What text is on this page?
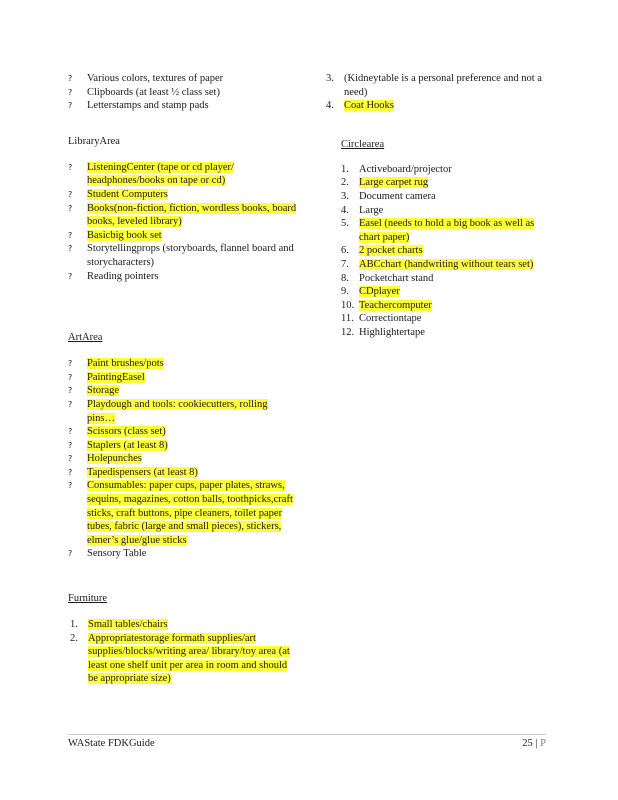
?	Various colors, textures of paper
?	Clipboards (at least ½ class set)
?	Letterstamps and stamp pads
LibraryArea
?	ListeningCenter (tape or cd player/ headphones/books on tape or cd)
?	Student Computers
?	Books(non-fiction, fiction, wordless books, board books, leveled library)
?	Basicbig book set
?	Storytellingprops (storyboards, flannel board and storycharacters)
?	Reading pointers
ArtArea
?	Paint brushes/pots
?	PaintingEasel
?	Storage
?	Playdough and tools: cookiecutters, rolling pins…
?	Scissors (class set)
?	Staplers (at least 8)
?	Holepunches
?	Tapedispensers (at least 8)
?	Consumables: paper cups, paper plates, straws, sequins, magazines, cotton balls, toothpicks,craft sticks, craft buttons, pipe cleaners, toilet paper tubes, fabric (large and small pieces), stickers, elmer’s glue/glue sticks
?	Sensory Table
Furniture
1. Small tables/chairs
2. Appropriatestorage formath supplies/art supplies/blocks/writing area/ library/toy area (at least one shelf unit per area in room and should be appropriate size)
3. (Kidneytable is a personal preference and not a need)
4. Coat Hooks
Circlearea
1. Activeboard/projector
2. Large carpet rug
3. Document camera
4. Large
5. Easel (needs to hold a big book as well as chart paper)
6. 2 pocket charts
7. ABCchart (handwriting without tears set)
8. Pocketchart stand
9. CDplayer
10. Teachercomputer
11. Correctiontape
12. Highlightertape
WAState FDKGuide	25 | P
